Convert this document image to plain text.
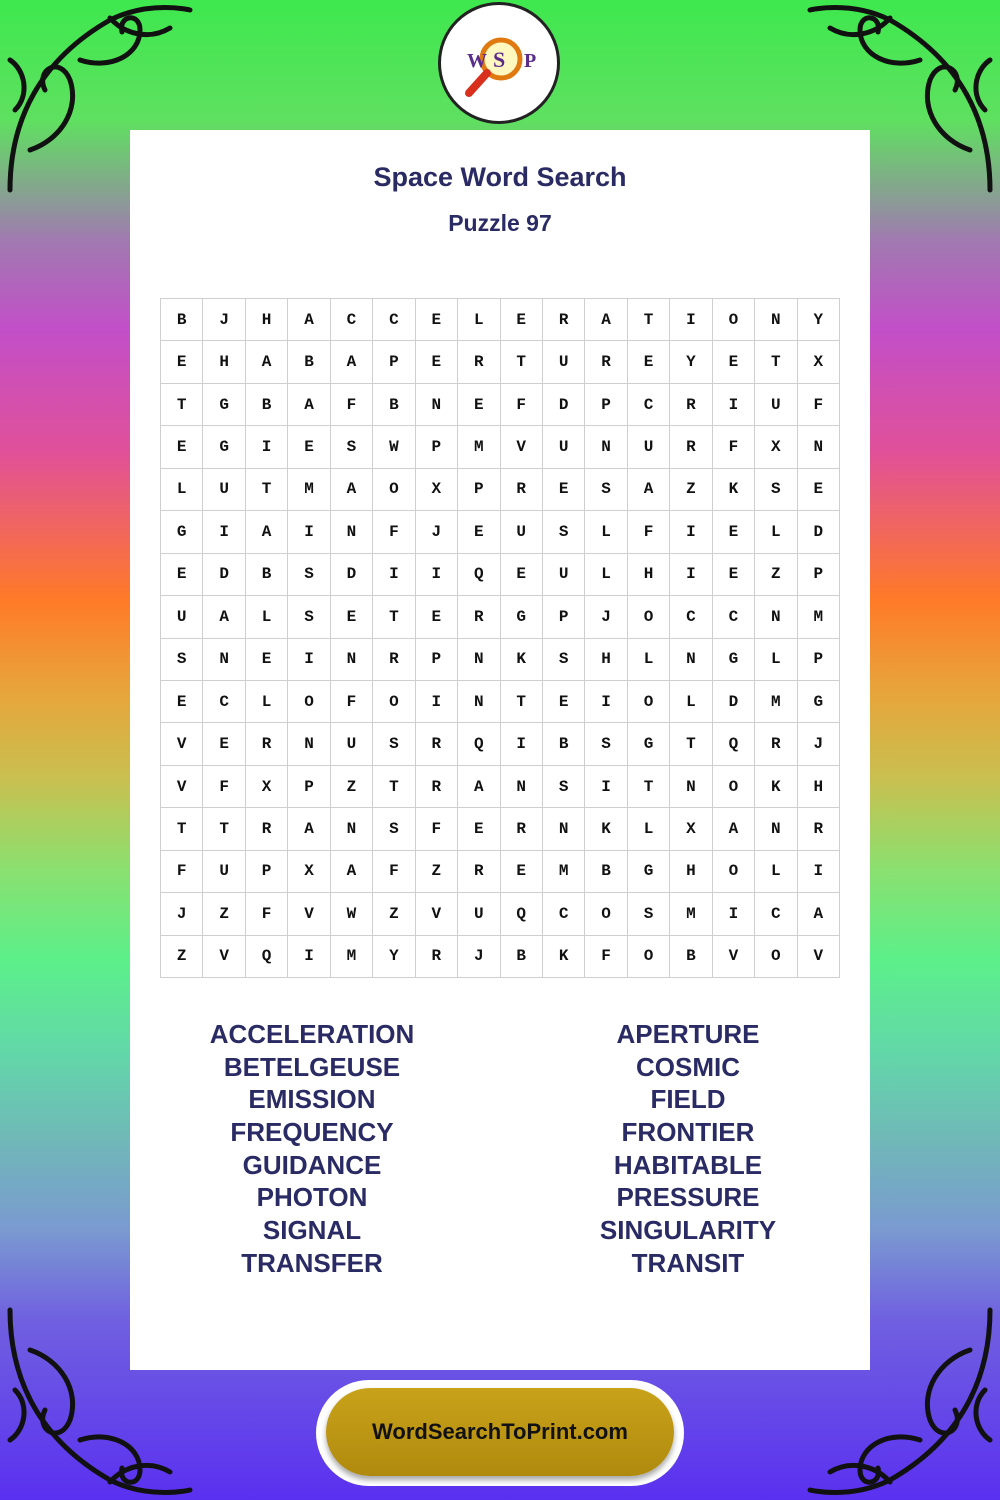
W S P
Space Word Search
Puzzle 97
B	J	H	A	C	C	E	L	E	R	A	T	I	O	N	Y
E	H	A	B	A	P	E	R	T	U	R	E	Y	E	T	X
T	G	B	A	F	B	N	E	F	D	P	C	R	I	U	F
E	G	I	E	S	W	P	M	V	U	N	U	R	F	X	N
L	U	T	M	A	O	X	P	R	E	S	A	Z	K	S	E
G	I	A	I	N	F	J	E	U	S	L	F	I	E	L	D
E	D	B	S	D	I	I	Q	E	U	L	H	I	E	Z	P
U	A	L	S	E	T	E	R	G	P	J	O	C	C	N	M
S	N	E	I	N	R	P	N	K	S	H	L	N	G	L	P
E	C	L	O	F	O	I	N	T	E	I	O	L	D	M	G
V	E	R	N	U	S	R	Q	I	B	S	G	T	Q	R	J
V	F	X	P	Z	T	R	A	N	S	I	T	N	O	K	H
T	T	R	A	N	S	F	E	R	N	K	L	X	A	N	R
F	U	P	X	A	F	Z	R	E	M	B	G	H	O	L	I
J	Z	F	V	W	Z	V	U	Q	C	O	S	M	I	C	A
Z	V	Q	I	M	Y	R	J	B	K	F	O	B	V	O	V
ACCELERATION
BETELGEUSE
EMISSION
FREQUENCY
GUIDANCE
PHOTON
SIGNAL
TRANSFER
APERTURE
COSMIC
FIELD
FRONTIER
HABITABLE
PRESSURE
SINGULARITY
TRANSIT
WordSearchToPrint.com
